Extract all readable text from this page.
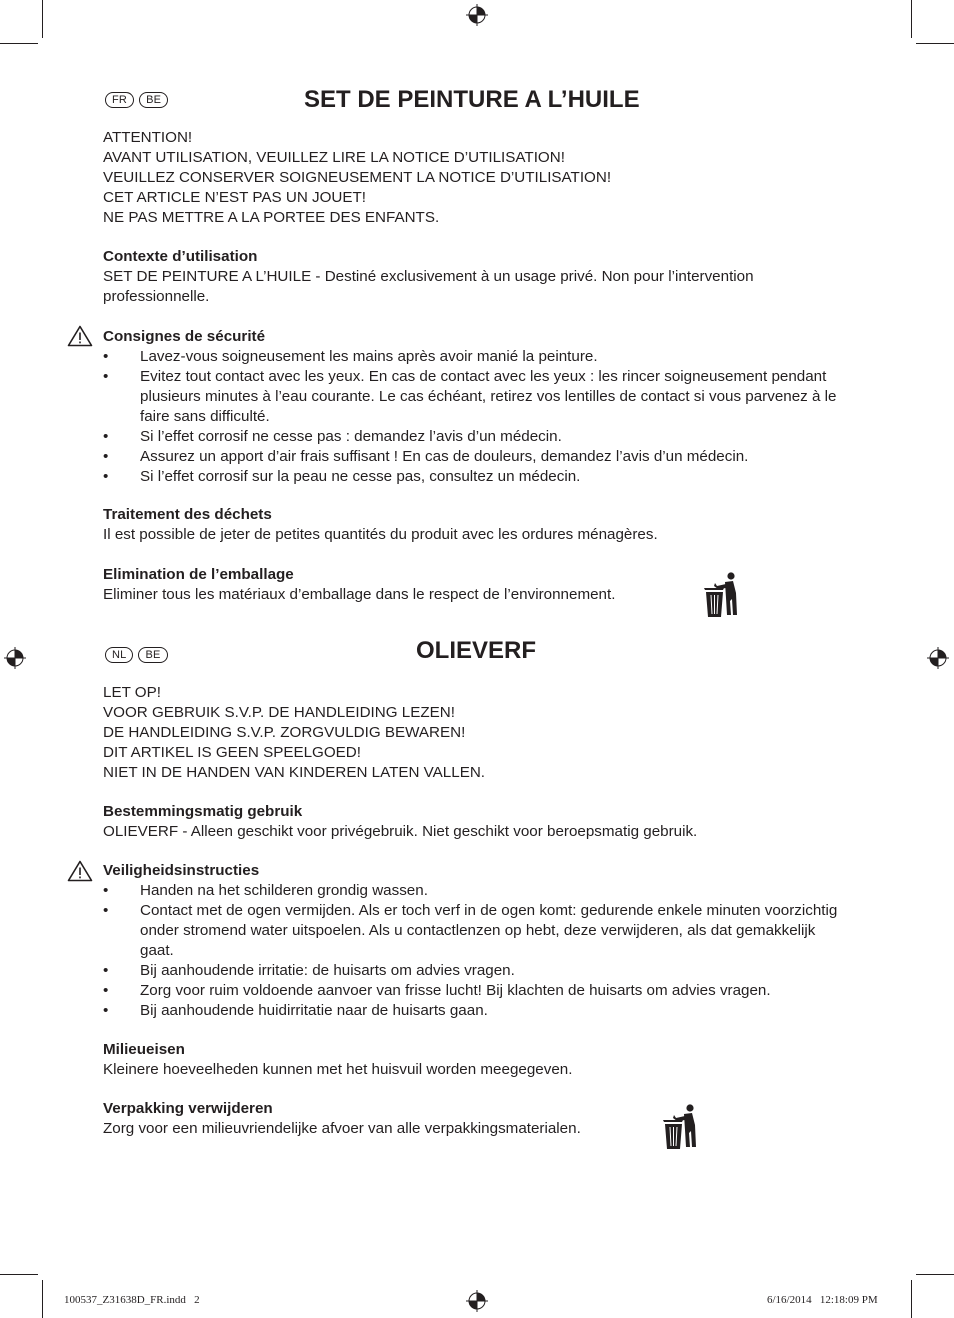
FR	BE	SET DE PEINTURE A L’HUILE
ATTENTION!
AVANT UTILISATION, VEUILLEZ LIRE LA NOTICE D’UTILISATION!
VEUILLEZ CONSERVER SOIGNEUSEMENT LA NOTICE D’UTILISATION!
CET ARTICLE N’EST PAS UN JOUET!
NE PAS METTRE A LA PORTEE DES ENFANTS.
Contexte d’utilisation
SET DE PEINTURE A L’HUILE - Destiné exclusivement à un usage privé. Non pour l’intervention professionnelle.
Consignes de sécurité
• Lavez-vous soigneusement les mains après avoir manié la peinture.
• Evitez tout contact avec les yeux. En cas de contact avec les yeux : les rincer soigneusement pendant plusieurs minutes à l’eau courante. Le cas échéant, retirez vos lentilles de contact si vous parvenez à le faire sans difficulté.
• Si l’effet corrosif ne cesse pas : demandez l’avis d’un médecin.
• Assurez un apport d’air frais suffisant ! En cas de douleurs, demandez l’avis d’un médecin.
• Si l’effet corrosif sur la peau ne cesse pas, consultez un médecin.
Traitement des déchets
Il est possible de jeter de petites quantités du produit avec les ordures ménagères.
Elimination de l’emballage
Eliminer tous les matériaux d’emballage dans le respect de l’environnement.
NL	BE	OLIEVERF
LET OP!
VOOR GEBRUIK S.V.P. DE HANDLEIDING LEZEN!
DE HANDLEIDING S.V.P. ZORGVULDIG BEWAREN!
DIT ARTIKEL IS GEEN SPEELGOED!
NIET IN DE HANDEN VAN KINDEREN LATEN VALLEN.
Bestemmingsmatig gebruik
OLIEVERF - Alleen geschikt voor privégebruik. Niet geschikt voor beroepsmatig gebruik.
Veiligheidsinstructies
• Handen na het schilderen grondig wassen.
• Contact met de ogen vermijden. Als er toch verf in de ogen komt: gedurende enkele minuten voorzichtig onder stromend water uitspoelen. Als u contactlenzen op hebt, deze verwijderen, als dat gemakkelijk gaat.
• Bij aanhoudende irritatie: de huisarts om advies vragen.
• Zorg voor ruim voldoende aanvoer van frisse lucht! Bij klachten de huisarts om advies vragen.
• Bij aanhoudende huidirritatie naar de huisarts gaan.
Milieueisen
Kleinere hoeveelheden kunnen met het huisvuil worden meegegeven.
Verpakking verwijderen
Zorg voor een milieuvriendelijke afvoer van alle verpakkingsmaterialen.
100537_Z31638D_FR.indd   2	6/16/2014   12:18:09 PM
